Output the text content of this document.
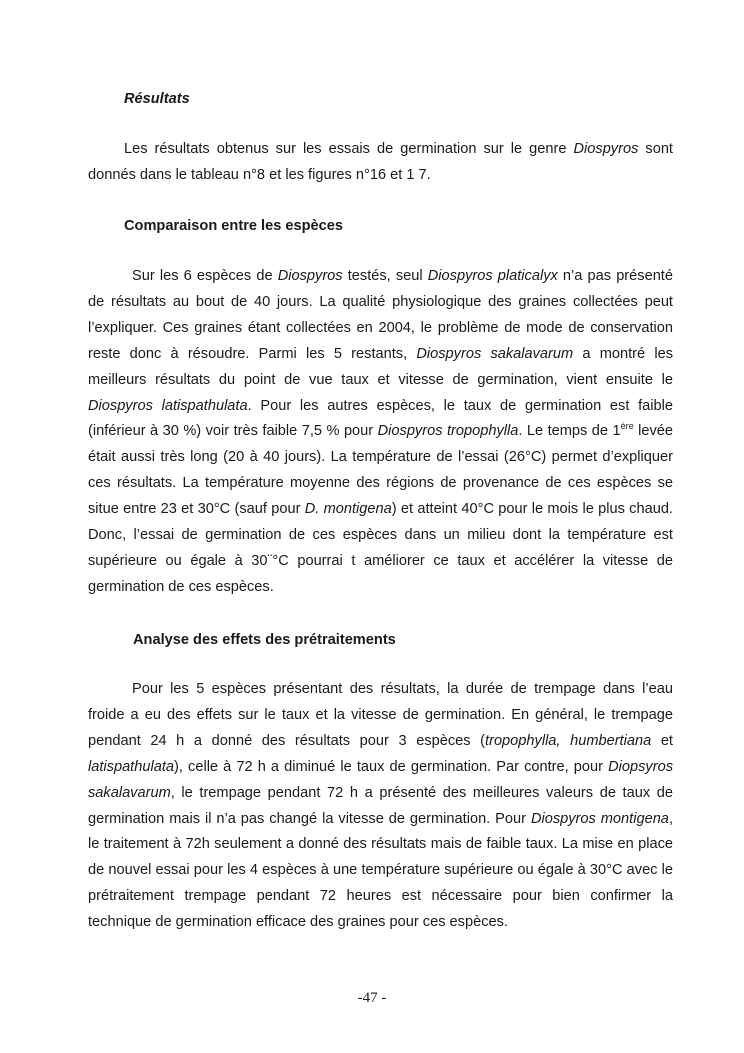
Résultats

Les résultats obtenus sur les essais de germination sur le genre Diospyros sont donnés dans le tableau n°8 et les figures n°16 et 1 7.

Comparaison entre les espèces

Sur les 6 espèces de Diospyros testés, seul Diospyros platicalyx n’a pas présenté de résultats au bout de 40 jours. La qualité physiologique des graines collectées peut l’expliquer. Ces graines étant collectées en 2004, le problème de mode de conservation reste donc à résoudre. Parmi les 5 restants, Diospyros sakalavarum a montré les meilleurs résultats du point de vue taux et vitesse de germination, vient ensuite le Diospyros latispathulata. Pour les autres espèces, le taux de germination est faible (inférieur à 30 %) voir très faible 7,5 % pour Diospyros tropophylla. Le temps de 1ère levée était aussi très long (20 à 40 jours). La température de l’essai (26°C) permet d’expliquer ces résultats. La température moyenne des régions de provenance de ces espèces se situe entre 23 et 30°C (sauf pour D. montigena) et atteint 40°C pour le mois le plus chaud. Donc, l’essai de germination de ces espèces dans un milieu dont la température est supérieure ou égale à 30¨°C pourrai t améliorer ce taux et accélérer la vitesse de germination de ces espèces.

Analyse des effets des prétraitements

Pour les 5 espèces présentant des résultats, la durée de trempage dans l’eau froide a eu des effets sur le taux et la vitesse de germination. En général, le trempage pendant 24 h a donné des résultats pour 3 espèces (tropophylla, humbertiana et latispathulata), celle à 72 h a diminué le taux de germination. Par contre, pour Diopsyros sakalavarum, le trempage pendant 72 h a présenté des meilleures valeurs de taux de germination mais il n’a pas changé la vitesse de germination. Pour Diospyros montigena, le traitement à 72h seulement a donné des résultats mais de faible taux. La mise en place de nouvel essai pour les 4 espèces à une température supérieure ou égale à 30°C avec le prétraitement trempage pendant 72 heures est nécessaire pour bien confirmer la technique de germination efficace des graines pour ces espèces.

-47 -
